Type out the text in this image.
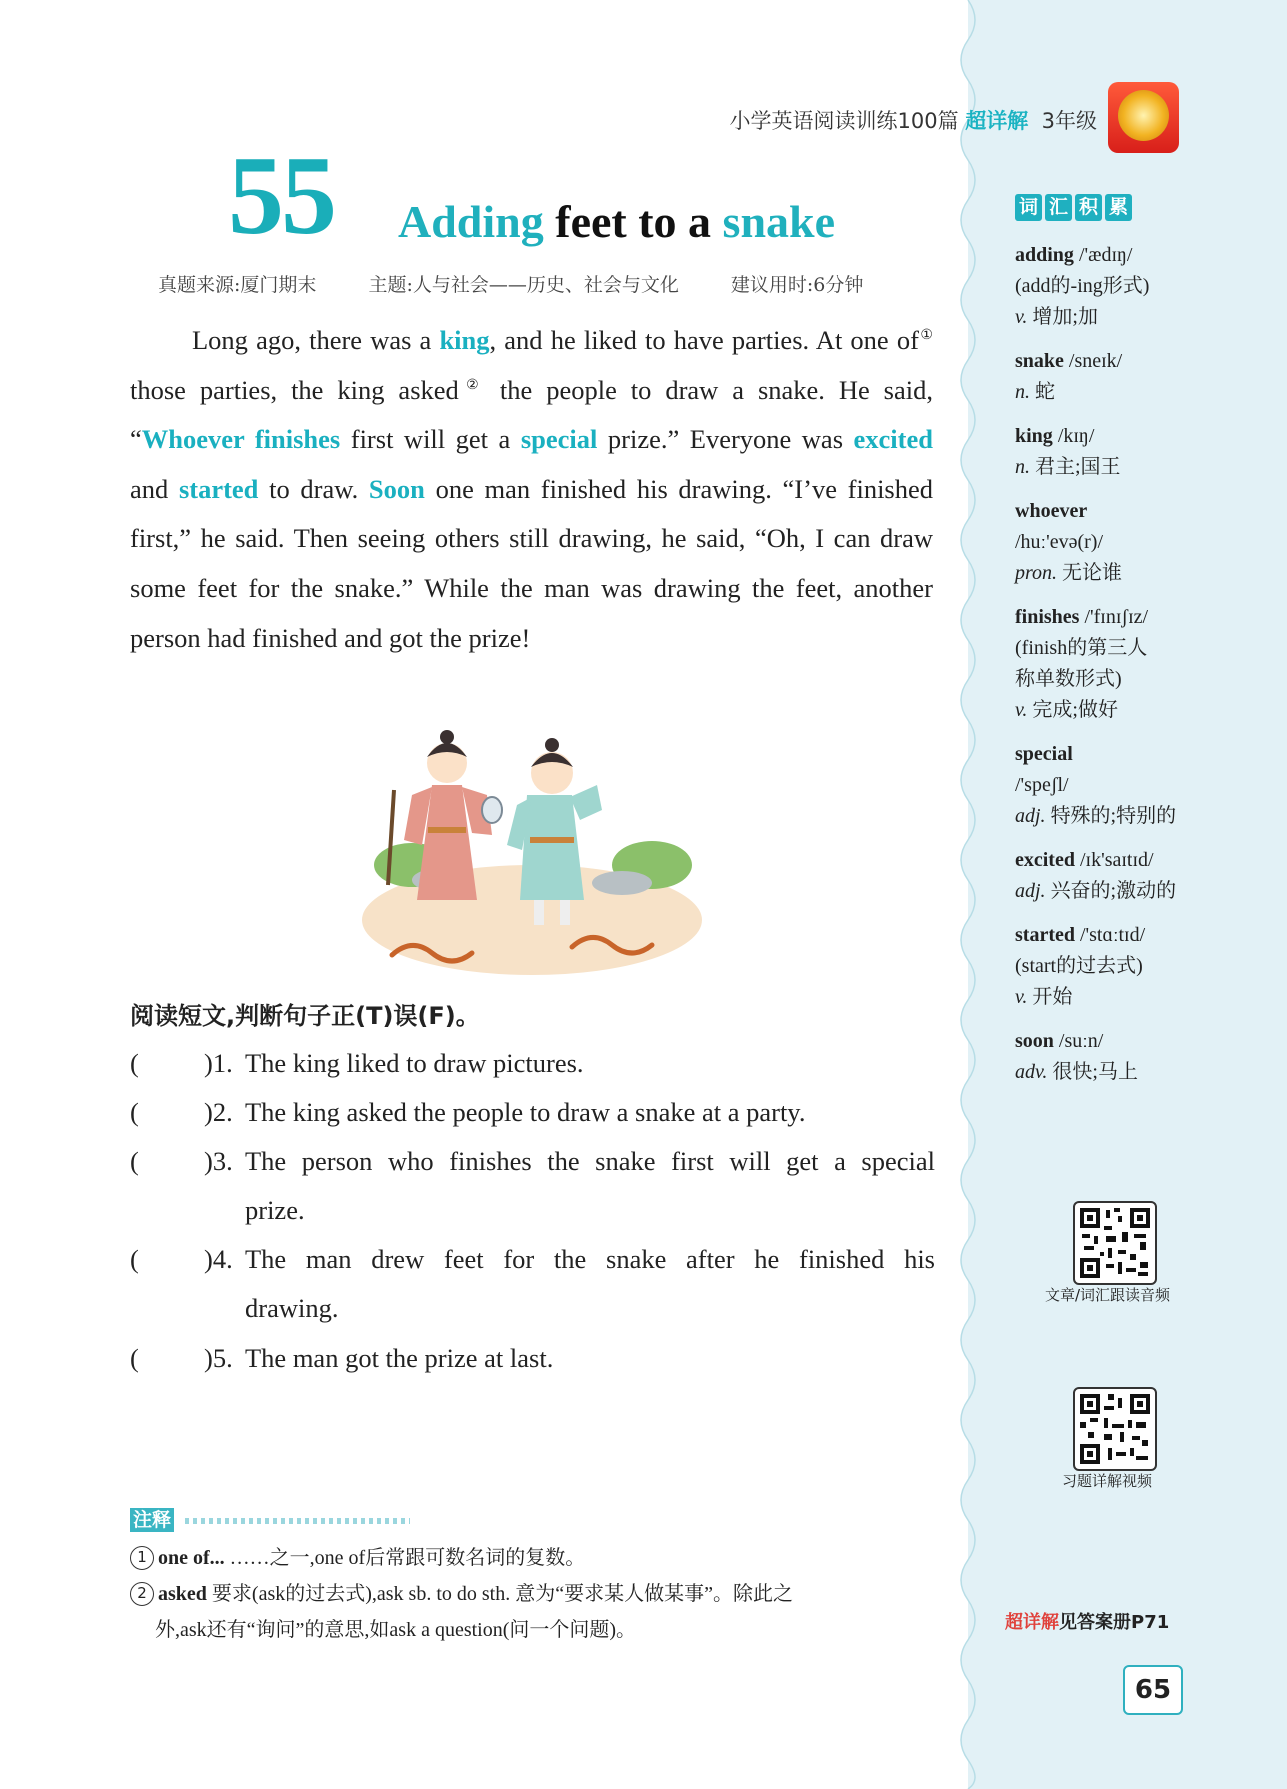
小学英语阅读训练100篇 超详解 3年级
55 Adding feet to a snake
真题来源:厦门期末	主题:人与社会——历史、社会与文化	建议用时:6分钟

Long ago, there was a king, and he liked to have parties. At one of① those parties, the king asked② the people to draw a snake. He said, “Whoever finishes first will get a special prize.” Everyone was excited and started to draw. Soon one man finished his drawing. “I’ve finished first,” he said. Then seeing others still drawing, he said, “Oh, I can draw some feet for the snake.” While the man was drawing the feet, another person had finished and got the prize!

阅读短文,判断句子正(T)误(F)。
( )1. The king liked to draw pictures.
( )2. The king asked the people to draw a snake at a party.
( )3. The person who finishes the snake first will get a special
prize.
( )4. The man drew feet for the snake after he finished his
drawing.
( )5. The man got the prize at last.
注释
1 one of... ……之一,one of后常跟可数名词的复数。
2 asked 要求(ask的过去式),ask sb. to do sth. 意为“要求某人做某事”。除此之
外,ask还有“询问”的意思,如ask a question(问一个问题)。
词 汇 积 累
adding /'ædɪŋ/
(add的-ing形式)
v. 增加;加
snake /sneɪk/
n. 蛇
king /kɪŋ/
n. 君主;国王
whoever
/huː'evə(r)/
pron. 无论谁
finishes /'fɪnɪʃɪz/
(finish的第三人
称单数形式)
v. 完成;做好
special
/'speʃl/
adj. 特殊的;特别的
excited /ɪk'saɪtɪd/
adj. 兴奋的;激动的
started /'stɑːtɪd/
(start的过去式)
v. 开始
soon /suːn/
adv. 很快;马上
文章/词汇跟读音频
习题详解视频
超详解见答案册P71
65
